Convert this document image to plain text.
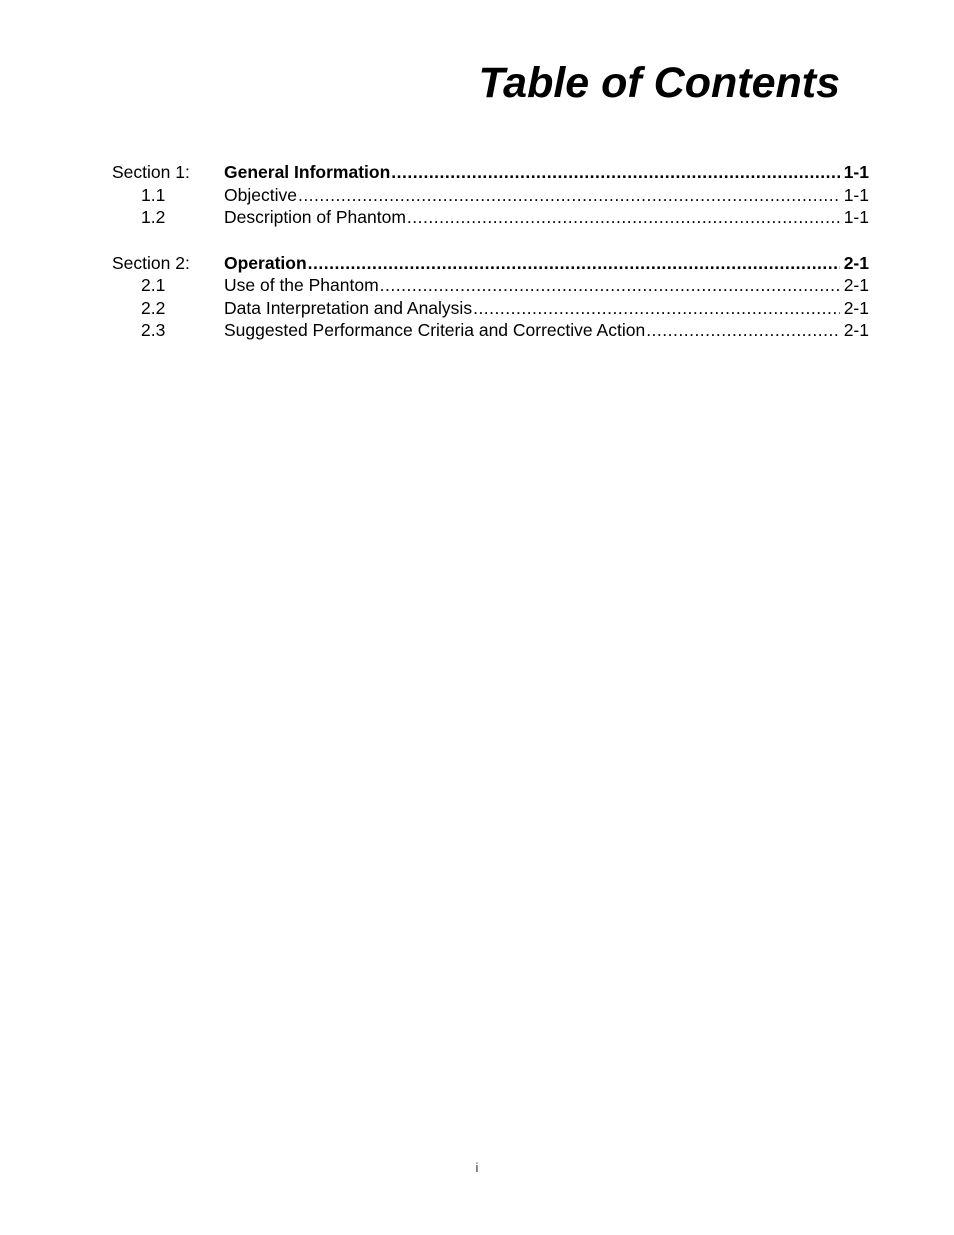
Table of Contents
Section 1:	General Information .....	1-1
1.1	Objective .....	1-1
1.2	Description of Phantom .....	1-1
Section 2:	Operation .....	2-1
2.1	Use of the Phantom .....	2-1
2.2	Data Interpretation and Analysis .....	2-1
2.3	Suggested Performance Criteria and Corrective Action .....	2-1
i
